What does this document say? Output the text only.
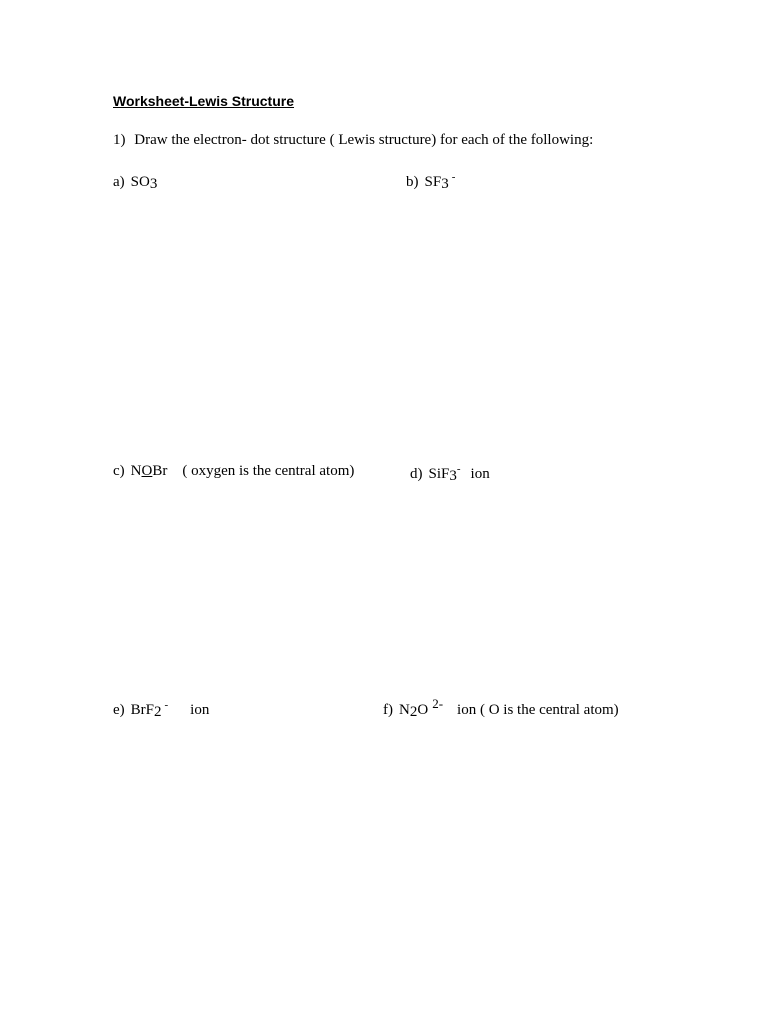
Worksheet-Lewis Structure
1) Draw the electron- dot structure ( Lewis structure) for each of the following:
a) SO3	b) SF3 -
c) NOBr ( oxygen is the central atom)	d) SiF3- ion
e) BrF2 - ion	f) N2O 2- ion ( O is the central atom)
